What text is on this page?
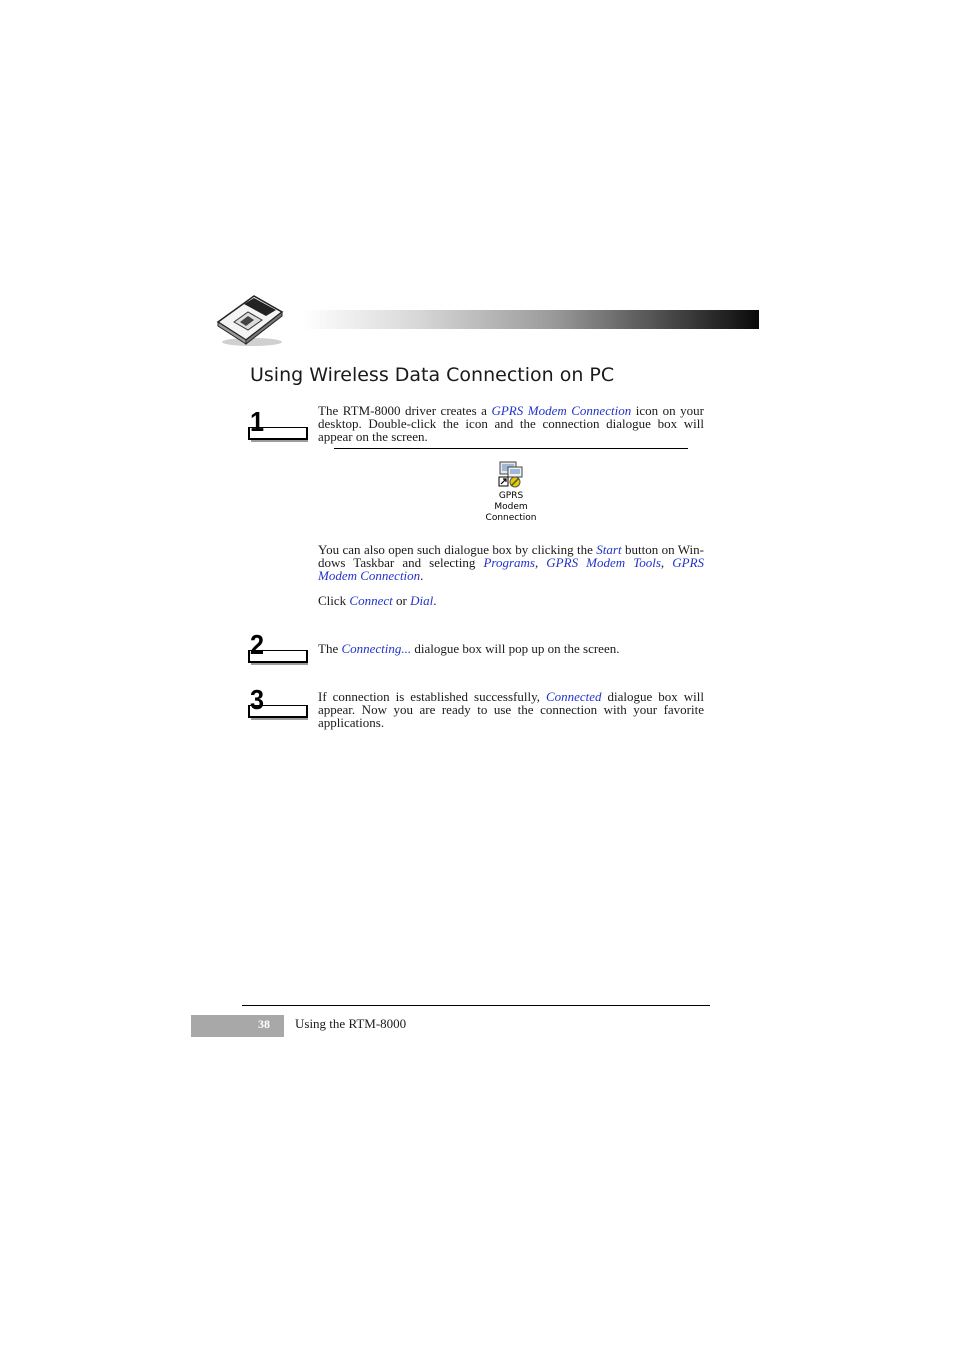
Using Wireless Data Connection on PC
1	The RTM-8000 driver creates a GPRS Modem Connection icon on your desktop. Double-click the icon and the connection dialogue box will appear on the screen.

GPRS
Modem
Connection

You can also open such dialogue box by clicking the Start button on Win-dows Taskbar and selecting Programs, GPRS Modem Tools, GPRS Modem Connection.

Click Connect or Dial.

2	The Connecting... dialogue box will pop up on the screen.

3	If connection is established successfully, Connected dialogue box will appear. Now you are ready to use the connection with your favorite applications.

38 Using the RTM-8000
